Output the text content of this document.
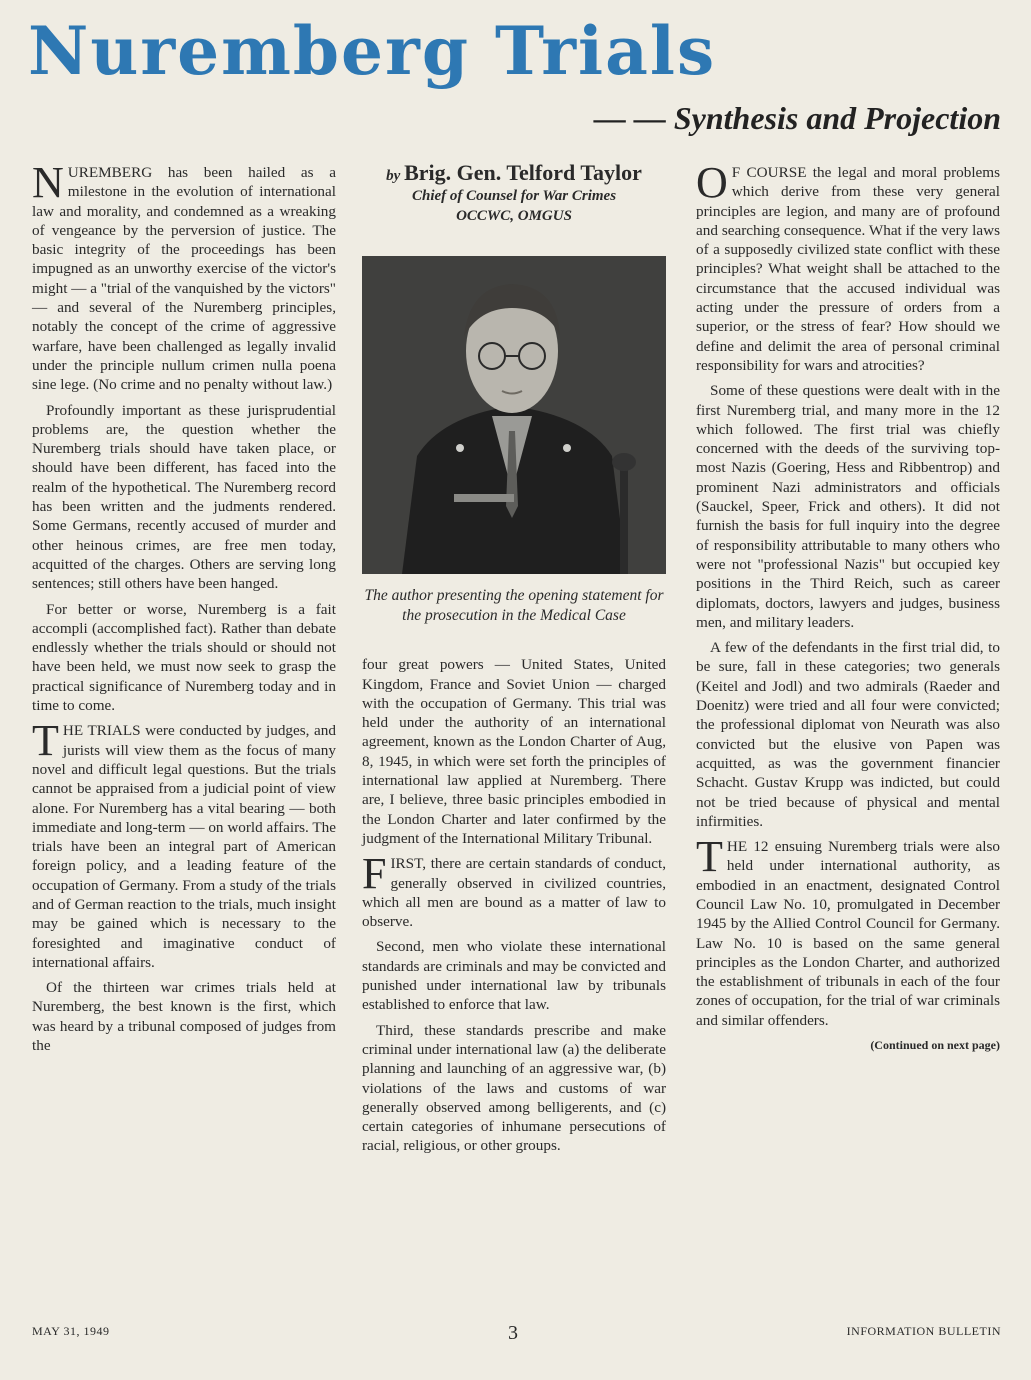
Nuremberg Trials
— — Synthesis and Projection

NUREMBERG has been hailed as a milestone in the evolution of international law and morality, and condemned as a wreaking of vengeance by the perversion of justice. The basic integrity of the proceedings has been impugned as an unworthy exercise of the victor's might — a "trial of the vanquished by the victors" — and several of the Nuremberg principles, notably the concept of the crime of aggressive warfare, have been challenged as legally invalid under the principle nullum crimen nulla poena sine lege. (No crime and no penalty without law.)

Profoundly important as these jurisprudential problems are, the question whether the Nuremberg trials should have taken place, or should have been different, has faced into the realm of the hypothetical. The Nuremberg record has been written and the judments rendered. Some Germans, recently accused of murder and other heinous crimes, are free men today, acquitted of the charges. Others are serving long sentences; still others have been hanged.

For better or worse, Nuremberg is a fait accompli (accomplished fact). Rather than debate endlessly whether the trials should or should not have been held, we must now seek to grasp the practical significance of Nuremberg today and in time to come.

THE TRIALS were conducted by judges, and jurists will view them as the focus of many novel and difficult legal questions. But the trials cannot be appraised from a judicial point of view alone. For Nuremberg has a vital bearing — both immediate and long-term — on world affairs. The trials have been an integral part of American foreign policy, and a leading feature of the occupation of Germany. From a study of the trials and of German reaction to the trials, much insight may be gained which is necessary to the foresighted and imaginative conduct of international affairs.

Of the thirteen war crimes trials held at Nuremberg, the best known is the first, which was heard by a tribunal composed of judges from the

by Brig. Gen. Telford Taylor
Chief of Counsel for War Crimes
OCCWC, OMGUS
The author presenting the opening statement for the prosecution in the Medical Case

four great powers — United States, United Kingdom, France and Soviet Union — charged with the occupation of Germany. This trial was held under the authority of an international agreement, known as the London Charter of Aug, 8, 1945, in which were set forth the principles of international law applied at Nuremberg. There are, I believe, three basic principles embodied in the London Charter and later confirmed by the judgment of the International Military Tribunal.

FIRST, there are certain standards of conduct, generally observed in civilized countries, which all men are bound as a matter of law to observe.

Second, men who violate these international standards are criminals and may be convicted and punished under international law by tribunals established to enforce that law.

Third, these standards prescribe and make criminal under international law (a) the deliberate planning and launching of an aggressive war, (b) violations of the laws and customs of war generally observed among belligerents, and (c) certain categories of inhumane persecutions of racial, religious, or other groups.

OF COURSE the legal and moral problems which derive from these very general principles are legion, and many are of profound and searching consequence. What if the very laws of a supposedly civilized state conflict with these principles? What weight shall be attached to the circumstance that the accused individual was acting under the pressure of orders from a superior, or the stress of fear? How should we define and delimit the area of personal criminal responsibility for wars and atrocities?

Some of these questions were dealt with in the first Nuremberg trial, and many more in the 12 which followed. The first trial was chiefly concerned with the deeds of the surviving top-most Nazis (Goering, Hess and Ribbentrop) and prominent Nazi administrators and officials (Sauckel, Speer, Frick and others). It did not furnish the basis for full inquiry into the degree of responsibility attributable to many others who were not "professional Nazis" but occupied key positions in the Third Reich, such as career diplomats, doctors, lawyers and judges, business men, and military leaders.

A few of the defendants in the first trial did, to be sure, fall in these categories; two generals (Keitel and Jodl) and two admirals (Raeder and Doenitz) were tried and all four were convicted; the professional diplomat von Neurath was also convicted but the elusive von Papen was acquitted, as was the government financier Schacht. Gustav Krupp was indicted, but could not be tried because of physical and mental infirmities.

THE 12 ensuing Nuremberg trials were also held under international authority, as embodied in an enactment, designated Control Council Law No. 10, promulgated in December 1945 by the Allied Control Council for Germany. Law No. 10 is based on the same general principles as the London Charter, and authorized the establishment of tribunals in each of the four zones of occupation, for the trial of war criminals and similar offenders.

(Continued on next page)
MAY 31, 1949	3	INFORMATION BULLETIN
